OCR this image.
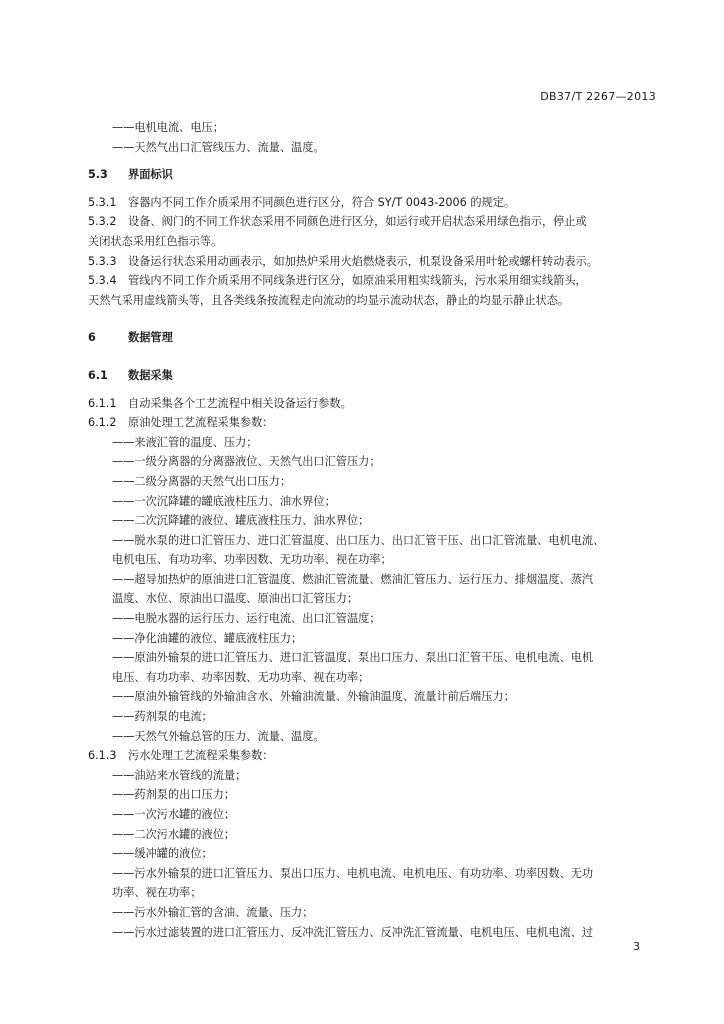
DB37/T 2267—2013
——电机电流、电压；
——天然气出口汇管线压力、流量、温度。
5.3 界面标识
5.3.1 容器内不同工作介质采用不同颜色进行区分，符合 SY/T 0043-2006 的规定。
5.3.2 设备、阀门的不同工作状态采用不同颜色进行区分，如运行或开启状态采用绿色指示，停止或
关闭状态采用红色指示等。
5.3.3 设备运行状态采用动画表示，如加热炉采用火焰燃烧表示，机泵设备采用叶轮或螺杆转动表示。
5.3.4 管线内不同工作介质采用不同线条进行区分，如原油采用粗实线箭头，污水采用细实线箭头，
天然气采用虚线箭头等，且各类线条按流程走向流动的均显示流动状态，静止的均显示静止状态。
6	数据管理
6.1 数据采集
6.1.1 自动采集各个工艺流程中相关设备运行参数。
6.1.2 原油处理工艺流程采集参数：
——来液汇管的温度、压力；
——一级分离器的分离器液位、天然气出口汇管压力；
——二级分离器的天然气出口压力；
——一次沉降罐的罐底液柱压力、油水界位；
——二次沉降罐的液位、罐底液柱压力、油水界位；
——脱水泵的进口汇管压力、进口汇管温度、出口压力、出口汇管干压、出口汇管流量、电机电流、
电机电压、有功功率、功率因数、无功功率、视在功率；
——超导加热炉的原油进口汇管温度、燃油汇管流量、燃油汇管压力、运行压力、排烟温度、蒸汽
温度、水位、原油出口温度、原油出口汇管压力；
——电脱水器的运行压力、运行电流、出口汇管温度；
——净化油罐的液位、罐底液柱压力；
——原油外输泵的进口汇管压力、进口汇管温度、泵出口压力、泵出口汇管干压、电机电流、电机
电压、有功功率、功率因数、无功功率、视在功率；
——原油外输管线的外输油含水、外输油流量、外输油温度、流量计前后端压力；
——药剂泵的电流；
——天然气外输总管的压力、流量、温度。
6.1.3 污水处理工艺流程采集参数：
——油站来水管线的流量；
——药剂泵的出口压力；
——一次污水罐的液位；
——二次污水罐的液位；
——缓冲罐的液位；
——污水外输泵的进口汇管压力、泵出口压力、电机电流、电机电压、有功功率、功率因数、无功
功率、视在功率；
——污水外输汇管的含油、流量、压力；
——污水过滤装置的进口汇管压力、反冲洗汇管压力、反冲洗汇管流量、电机电压、电机电流、过
3
